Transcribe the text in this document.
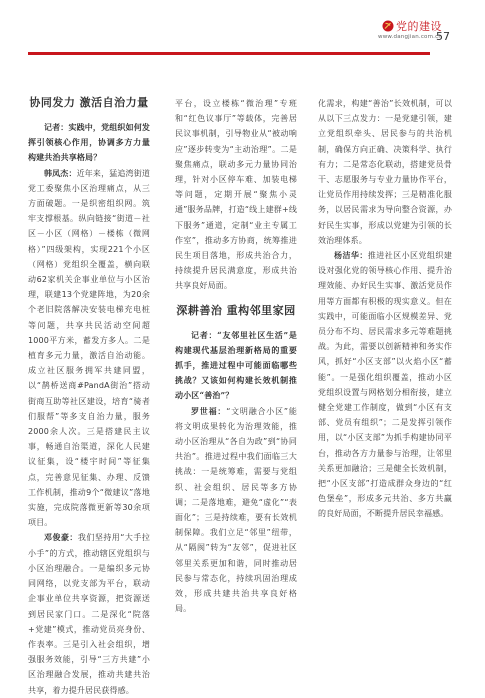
党的建设
www.dangjian.com.cn
57
协同发力 激活自治力量

记者：实践中，党组织如何发挥引领核心作用，协调多方力量构建共治共享格局？

韩凤杰：近年来，猛追湾街道党工委聚焦小区治理痛点，从三方面破题。一是织密组织网。筑牢支撑根基。纵向链接“街道－社区－小区（网格）－楼栋（微网格）”四级架构，实现221个小区（网格）党组织全覆盖，横向联动62家机关企事业单位与小区治理，联建13个党建阵地，为20余个老旧院落解决安装电梯充电桩等问题，共享共民活动空间超1000平方米，蓄发方多人。二是植育多元力量，激活自治动能。成立社区服务拥军共建同盟，以“鹊桥送商#PandA街治”搭动街商互助等社区建设，培育“骑者们服帮”等多支自治力量，服务2000余人次。三是搭建民主议事，畅通自治渠道，深化人民建议征集，设“楼宇时间”等征集点，完善意见征集、办理、反馈工作机制，推动9个“微建议”落地实施，完成院落微更新等30余项项目。

邓俊豪：我们坚持用“大手拉小手”的方式，推动辖区党组织与小区治理融合。一是编织多元协同网络，以党支部为平台，联动企事业单位共享资源，把资源送到居民家门口。二是深化“院落+党建”模式，推动党员亮身份、作表率。三是引入社会组织，增强服务效能，引导“三方共建”小区治理融合发展，推动共建共治共享，着力提升居民获得感。

平台，设立楼栋“微治理”专班和“红色议事厅”等载体，完善居民议事机制，引导物业从“被动响应”逐步转变为“主动治理”。二是聚焦痛点，联动多元力量协同治理，针对小区停车难、加装电梯等问题，定期开展“聚焦小灵通”服务品牌，打造“线上建群+线下服务”通道，定制“业主专属工作室”，推动多方协商，统筹推进民生项目落地，形成共治合力，持续提升居民满意度，形成共治共享良好局面。

深耕善治 重构邻里家园

记者：“友邻里社区生活”是构建现代基层治理新格局的重要抓手，推进过程中可能面临哪些挑战？又该如何构建长效机制推动小区“善治”？

罗世福：“文明融合小区”能将文明成果转化为治理效能，推动小区治理从“各自为政”到“协同共治”。推进过程中我们面临三大挑战：一是统筹难，需要与党组织、社会组织、居民等多方协调；二是落地难，避免“虚化”“表面化”；三是持续难，要有长效机制保障。我们立足“邻里”纽带，从“隔阂”转为“友邻”，促进社区邻里关系更加和谐，同时推动居民参与常态化，持续巩固治理成效，形成共建共治共享良好格局。

化需求，构建“善治”长效机制，可以从以下三点发力：一是党建引领，建立党组织牵头、居民参与的共治机制，确保方向正确、决策科学、执行有力；二是常态化联动，搭建党员骨干、志愿服务与专业力量协作平台，让党员作用持续发挥；三是精准化服务，以居民需求为导向整合资源，办好民生实事，形成以党建为引领的长效治理体系。

杨洁华：推进社区小区党组织建设对强化党的领导核心作用、提升治理效能、办好民生实事、激活党员作用等方面都有积极的现实意义。但在实践中，可能面临小区规模差异、党员分布不均、居民需求多元等难题挑战。为此，需要以创新精神和务实作风，抓好“小区支部”以火焰小区“蓄能”。一是强化组织覆盖，推动小区党组织设置与网格划分相衔接，建立健全党建工作制度，做到“小区有支部、党员有组织”；二是发挥引领作用，以“小区支部”为抓手构建协同平台，推动各方力量参与治理，让邻里关系更加融洽；三是健全长效机制，把“小区支部”打造成群众身边的“红色堡垒”，形成多元共治、多方共赢的良好局面，不断提升居民幸福感。
